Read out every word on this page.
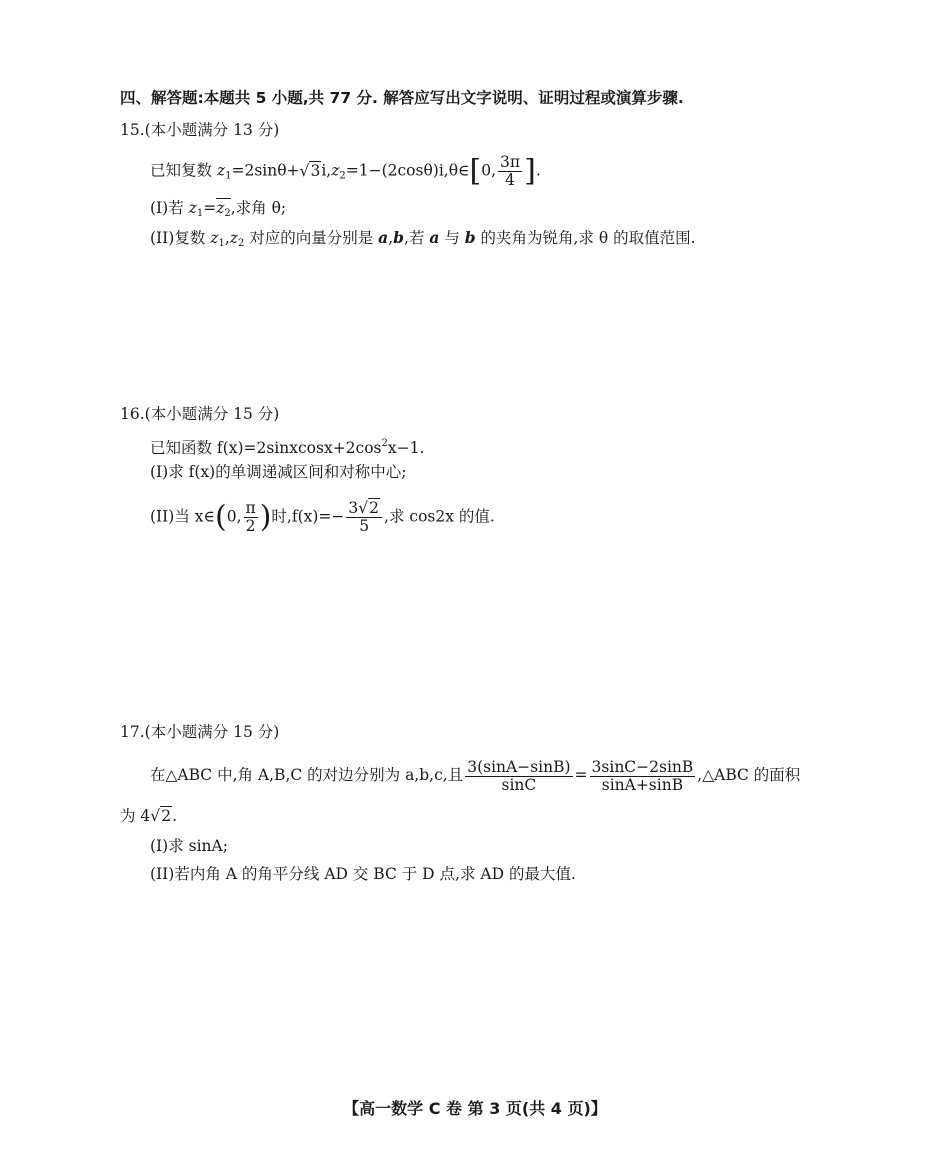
四、解答题:本题共 5 小题,共 77 分. 解答应写出文字说明、证明过程或演算步骤.
15.(本小题满分 13 分)
已知复数 $z_1=2\sin\theta+√3i,z_2=1-(2\cos\theta)i,\theta\in[0$, $\frac{3\pi}{4}$ ].
(I)若 $z_1=z_2$,求角 θ;
(II)复数 $z_1,z_2$ 对应的向量分别是 a,b,若 a 与 b 的夹角为锐角,求 θ 的取值范围.
16.(本小题满分 15 分)
已知函数 $f(x)=2sinxcosx+2\cos^2x-1$.
(I)求 f(x)的单调递减区间和对称中心;
(II)当 x∈(0, $\frac{\pi}{2}$ )时$,f(x)=- \frac{3√2}{5}$ ,求 cos2x 的值.
17.(本小题满分 15 分)
在△ABC 中,角 A,B,C 的对边分别为 a,b,c,且 $\frac{3(\sin A-\sin B)}{\sin C} = \frac{3\sin C-2\sin B}{\sin A+\sin B}$ ,△ABC 的面积
为 4√2.
(I)求 sinA;
(II)若内角 A 的角平分线 AD 交 BC 于 D 点,求 AD 的最大值.
【高一数学 C 卷 第 3 页(共 4 页)】
